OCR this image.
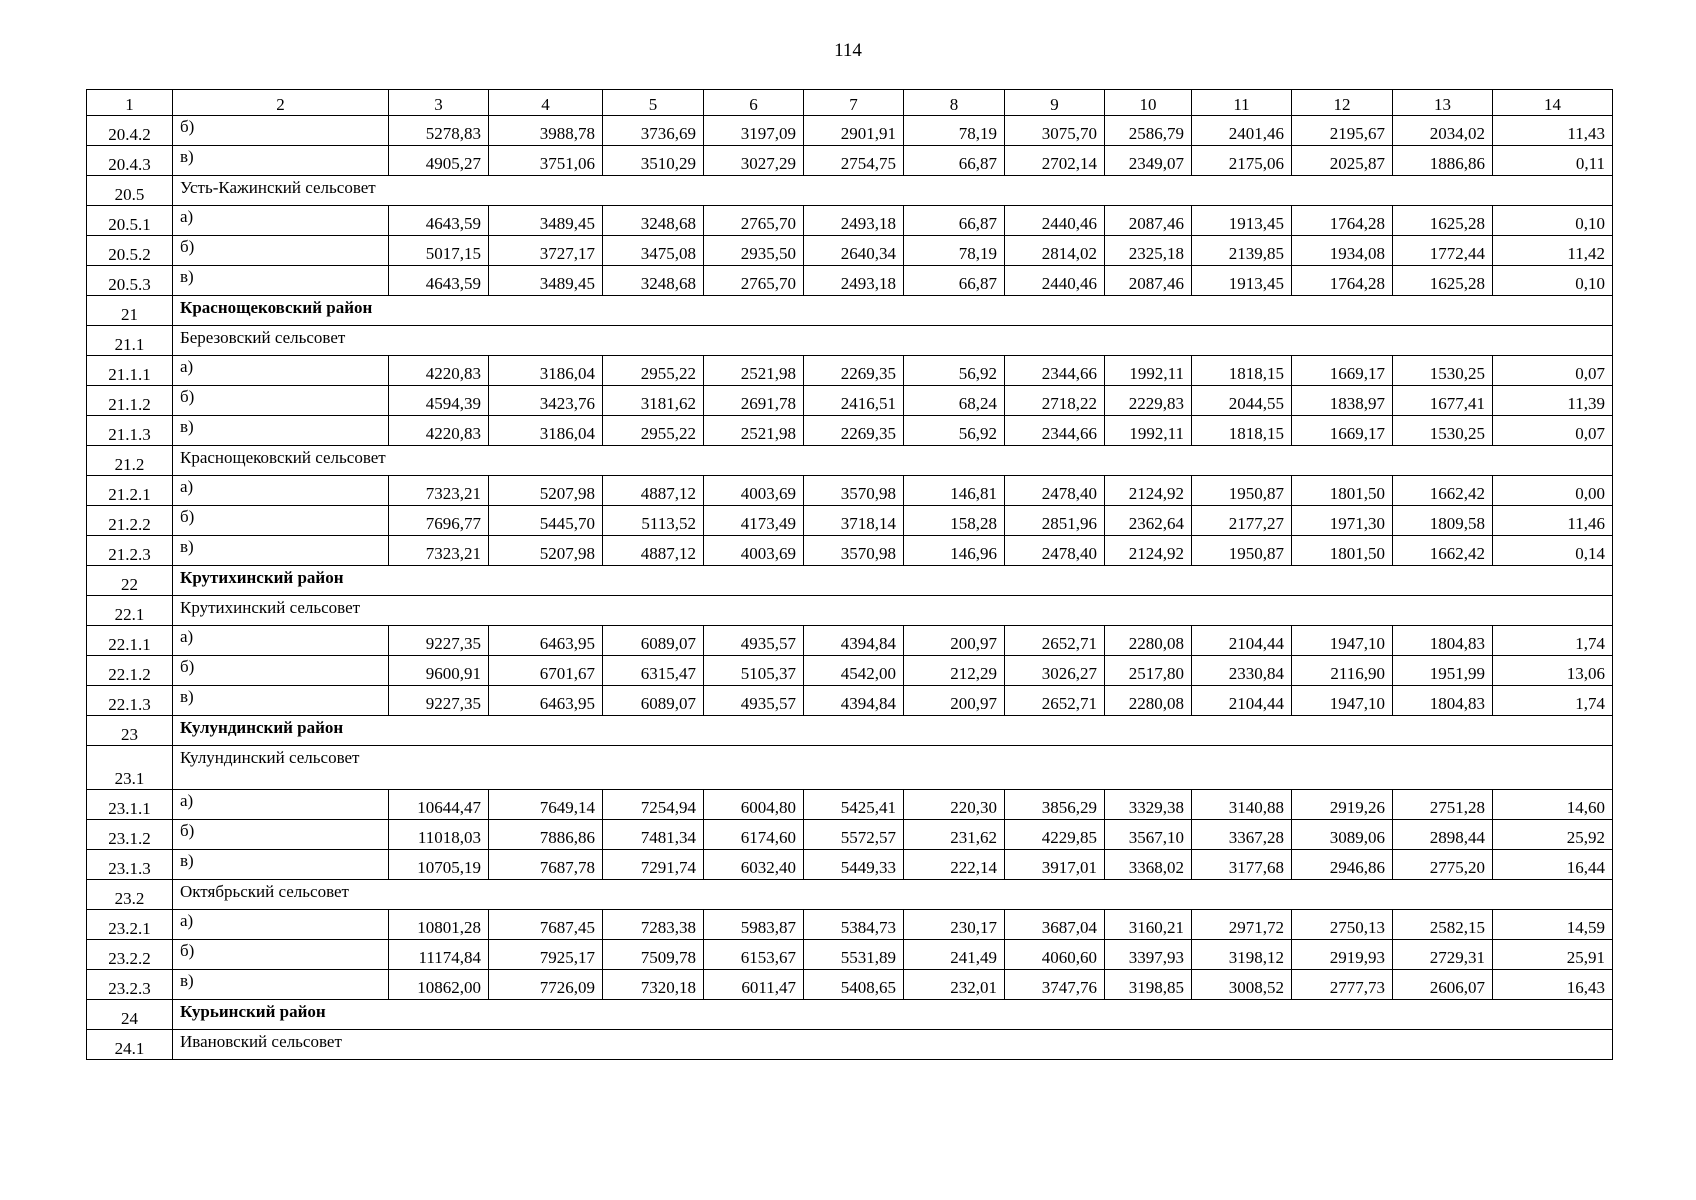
114
1	2	3	4	5	6	7	8	9	10	11	12	13	14
20.4.2	б)	5278,83	3988,78	3736,69	3197,09	2901,91	78,19	3075,70	2586,79	2401,46	2195,67	2034,02	11,43
20.4.3	в)	4905,27	3751,06	3510,29	3027,29	2754,75	66,87	2702,14	2349,07	2175,06	2025,87	1886,86	0,11
20.5	Усть-Кажинский сельсовет												
20.5.1	а)	4643,59	3489,45	3248,68	2765,70	2493,18	66,87	2440,46	2087,46	1913,45	1764,28	1625,28	0,10
20.5.2	б)	5017,15	3727,17	3475,08	2935,50	2640,34	78,19	2814,02	2325,18	2139,85	1934,08	1772,44	11,42
20.5.3	в)	4643,59	3489,45	3248,68	2765,70	2493,18	66,87	2440,46	2087,46	1913,45	1764,28	1625,28	0,10
21	Краснощековский район												
21.1	Березовский сельсовет												
21.1.1	а)	4220,83	3186,04	2955,22	2521,98	2269,35	56,92	2344,66	1992,11	1818,15	1669,17	1530,25	0,07
21.1.2	б)	4594,39	3423,76	3181,62	2691,78	2416,51	68,24	2718,22	2229,83	2044,55	1838,97	1677,41	11,39
21.1.3	в)	4220,83	3186,04	2955,22	2521,98	2269,35	56,92	2344,66	1992,11	1818,15	1669,17	1530,25	0,07
21.2	Краснощековский сельсовет												
21.2.1	а)	7323,21	5207,98	4887,12	4003,69	3570,98	146,81	2478,40	2124,92	1950,87	1801,50	1662,42	0,00
21.2.2	б)	7696,77	5445,70	5113,52	4173,49	3718,14	158,28	2851,96	2362,64	2177,27	1971,30	1809,58	11,46
21.2.3	в)	7323,21	5207,98	4887,12	4003,69	3570,98	146,96	2478,40	2124,92	1950,87	1801,50	1662,42	0,14
22	Крутихинский район												
22.1	Крутихинский сельсовет												
22.1.1	а)	9227,35	6463,95	6089,07	4935,57	4394,84	200,97	2652,71	2280,08	2104,44	1947,10	1804,83	1,74
22.1.2	б)	9600,91	6701,67	6315,47	5105,37	4542,00	212,29	3026,27	2517,80	2330,84	2116,90	1951,99	13,06
22.1.3	в)	9227,35	6463,95	6089,07	4935,57	4394,84	200,97	2652,71	2280,08	2104,44	1947,10	1804,83	1,74
23	Кулундинский район												
23.1	Кулундинский сельсовет												
23.1.1	а)	10644,47	7649,14	7254,94	6004,80	5425,41	220,30	3856,29	3329,38	3140,88	2919,26	2751,28	14,60
23.1.2	б)	11018,03	7886,86	7481,34	6174,60	5572,57	231,62	4229,85	3567,10	3367,28	3089,06	2898,44	25,92
23.1.3	в)	10705,19	7687,78	7291,74	6032,40	5449,33	222,14	3917,01	3368,02	3177,68	2946,86	2775,20	16,44
23.2	Октябрьский сельсовет												
23.2.1	а)	10801,28	7687,45	7283,38	5983,87	5384,73	230,17	3687,04	3160,21	2971,72	2750,13	2582,15	14,59
23.2.2	б)	11174,84	7925,17	7509,78	6153,67	5531,89	241,49	4060,60	3397,93	3198,12	2919,93	2729,31	25,91
23.2.3	в)	10862,00	7726,09	7320,18	6011,47	5408,65	232,01	3747,76	3198,85	3008,52	2777,73	2606,07	16,43
24	Курьинский район												
24.1	Ивановский сельсовет												
